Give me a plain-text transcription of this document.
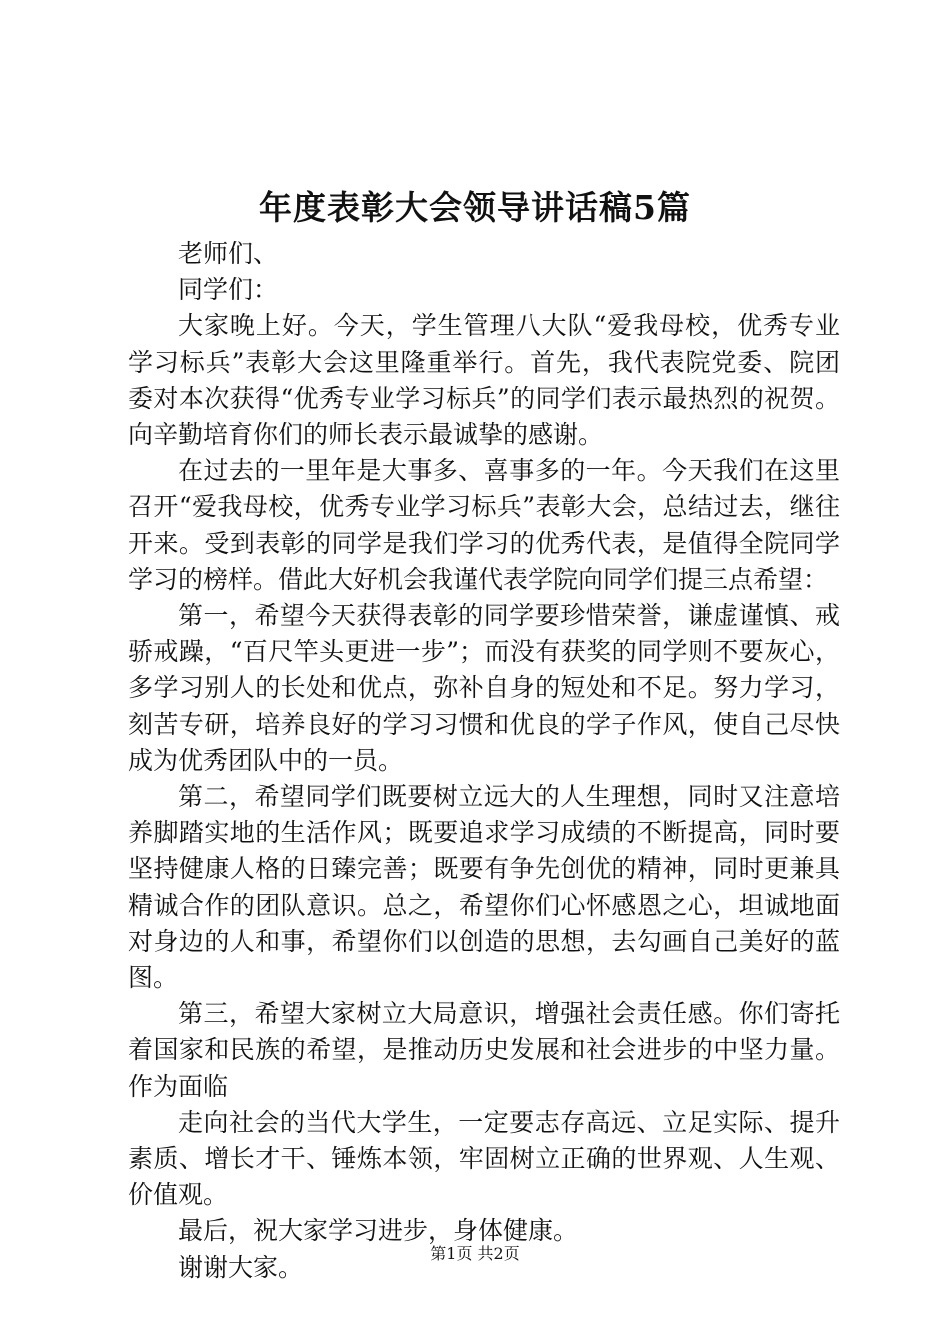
年度表彰大会领导讲话稿5篇

老师们、

同学们：

大家晚上好。今天，学生管理八大队“爱我母校，优秀专业学习标兵”表彰大会这里隆重举行。首先，我代表院党委、院团委对本次获得“优秀专业学习标兵”的同学们表示最热烈的祝贺。向辛勤培育你们的师长表示最诚挚的感谢。

在过去的一里年是大事多、喜事多的一年。今天我们在这里召开“爱我母校，优秀专业学习标兵”表彰大会，总结过去，继往开来。受到表彰的同学是我们学习的优秀代表，是值得全院同学学习的榜样。借此大好机会我谨代表学院向同学们提三点希望：

第一，希望今天获得表彰的同学要珍惜荣誉，谦虚谨慎、戒骄戒躁，“百尺竿头更进一步”；而没有获奖的同学则不要灰心，多学习别人的长处和优点，弥补自身的短处和不足。努力学习，刻苦专研，培养良好的学习习惯和优良的学子作风，使自己尽快成为优秀团队中的一员。

第二，希望同学们既要树立远大的人生理想，同时又注意培养脚踏实地的生活作风；既要追求学习成绩的不断提高，同时要坚持健康人格的日臻完善；既要有争先创优的精神，同时更兼具精诚合作的团队意识。总之，希望你们心怀感恩之心，坦诚地面对身边的人和事，希望你们以创造的思想，去勾画自己美好的蓝图。

第三，希望大家树立大局意识，增强社会责任感。你们寄托着国家和民族的希望，是推动历史发展和社会进步的中坚力量。作为面临

走向社会的当代大学生，一定要志存高远、立足实际、提升素质、增长才干、锤炼本领，牢固树立正确的世界观、人生观、价值观。

最后，祝大家学习进步，身体健康。

谢谢大家。	第1页 共2页
